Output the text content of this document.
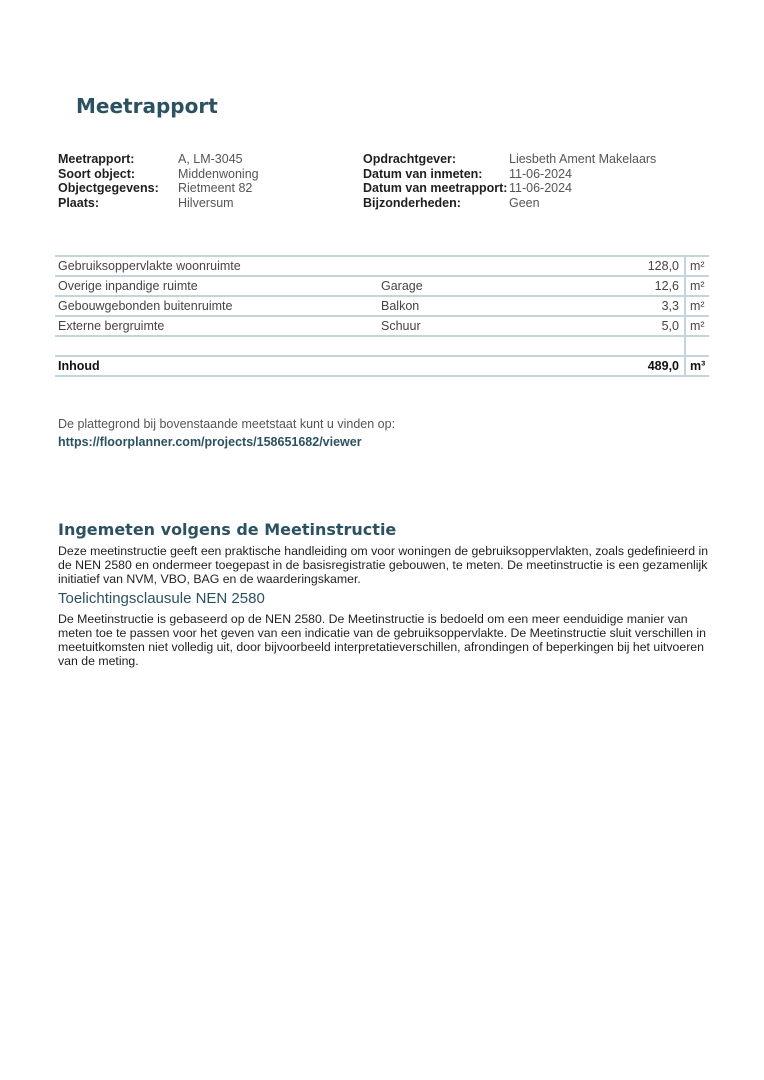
Meetrapport
Meetrapport:	A, LM-3045
Soort object:	Middenwoning
Objectgegevens:	Rietmeent 82
Plaats:	Hilversum
Opdrachtgever:	Liesbeth Ament Makelaars
Datum van inmeten:	11-06-2024
Datum van meetrapport: 11-06-2024
Bijzonderheden:	Geen
Gebruiksoppervlakte woonruimte	128,0 m²
Overige inpandige ruimte	Garage	12,6 m²
Gebouwgebonden buitenruimte	Balkon	3,3 m²
Externe bergruimte	Schuur	5,0 m²
Inhoud	489,0 m³
De plattegrond bij bovenstaande meetstaat kunt u vinden op:
https://floorplanner.com/projects/158651682/viewer
Ingemeten volgens de Meetinstructie
Deze meetinstructie geeft een praktische handleiding om voor woningen de gebruiksoppervlakten, zoals gedefinieerd in de NEN 2580 en ondermeer toegepast in de basisregistratie gebouwen, te meten. De meetinstructie is een gezamenlijk initiatief van NVM, VBO, BAG en de waarderingskamer.
Toelichtingsclausule NEN 2580
De Meetinstructie is gebaseerd op de NEN 2580. De Meetinstructie is bedoeld om een meer eenduidige manier van meten toe te passen voor het geven van een indicatie van de gebruiksoppervlakte. De Meetinstructie sluit verschillen in meetuitkomsten niet volledig uit, door bijvoorbeeld interpretatieverschillen, afrondingen of beperkingen bij het uitvoeren van de meting.
